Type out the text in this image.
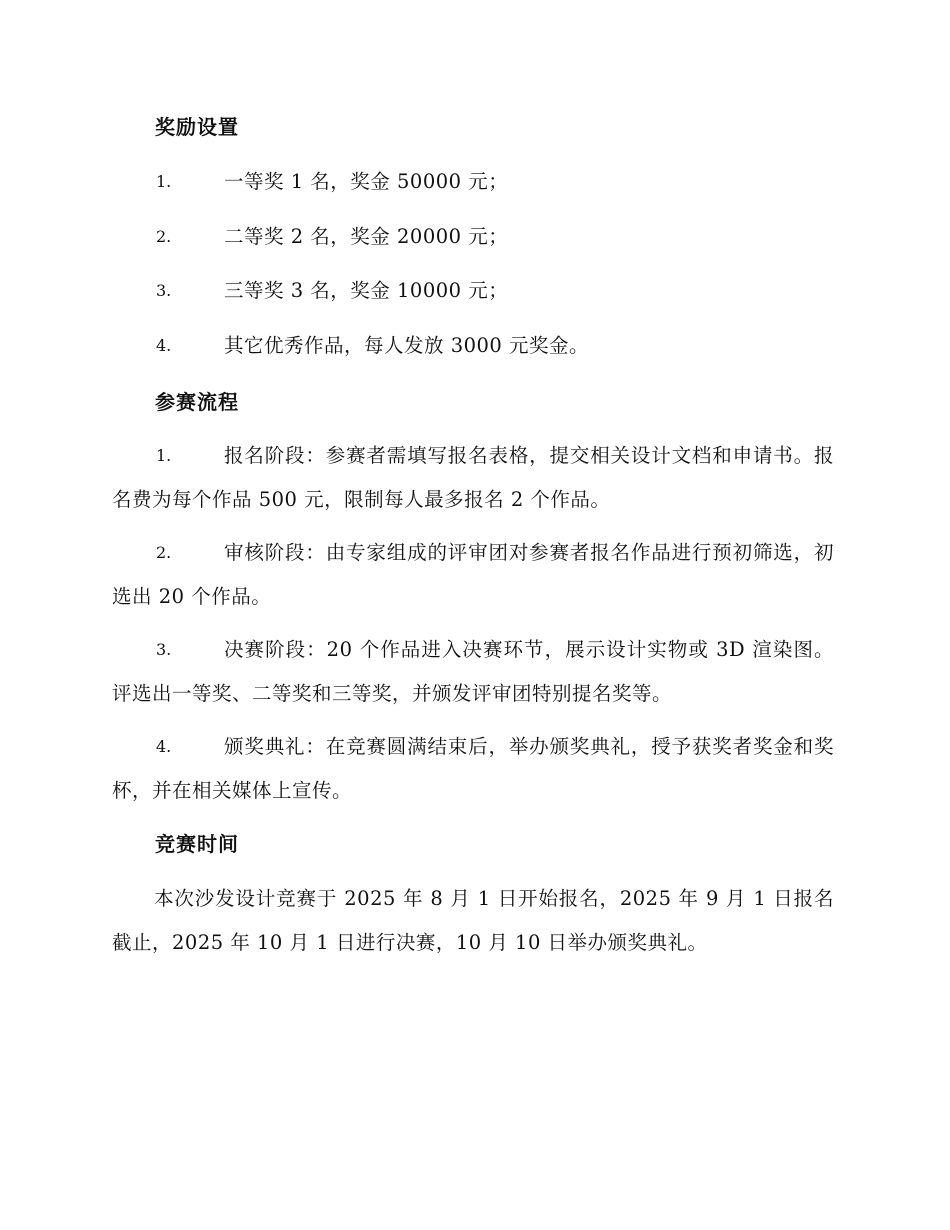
奖励设置
1.	一等奖 1 名，奖金 50000 元；
2.	二等奖 2 名，奖金 20000 元；
3.	三等奖 3 名，奖金 10000 元；
4.	其它优秀作品，每人发放 3000 元奖金。
参赛流程
1.	报名阶段：参赛者需填写报名表格，提交相关设计文档和申请书。报名费为每个作品 500 元，限制每人最多报名 2 个作品。
2.	审核阶段：由专家组成的评审团对参赛者报名作品进行预初筛选，初选出 20 个作品。
3.	决赛阶段：20 个作品进入决赛环节，展示设计实物或 3D 渲染图。评选出一等奖、二等奖和三等奖，并颁发评审团特别提名奖等。
4.	颁奖典礼：在竞赛圆满结束后，举办颁奖典礼，授予获奖者奖金和奖杯，并在相关媒体上宣传。
竞赛时间
本次沙发设计竞赛于 2025 年 8 月 1 日开始报名，2025 年 9 月 1 日报名截止，2025 年 10 月 1 日进行决赛，10 月 10 日举办颁奖典礼。
